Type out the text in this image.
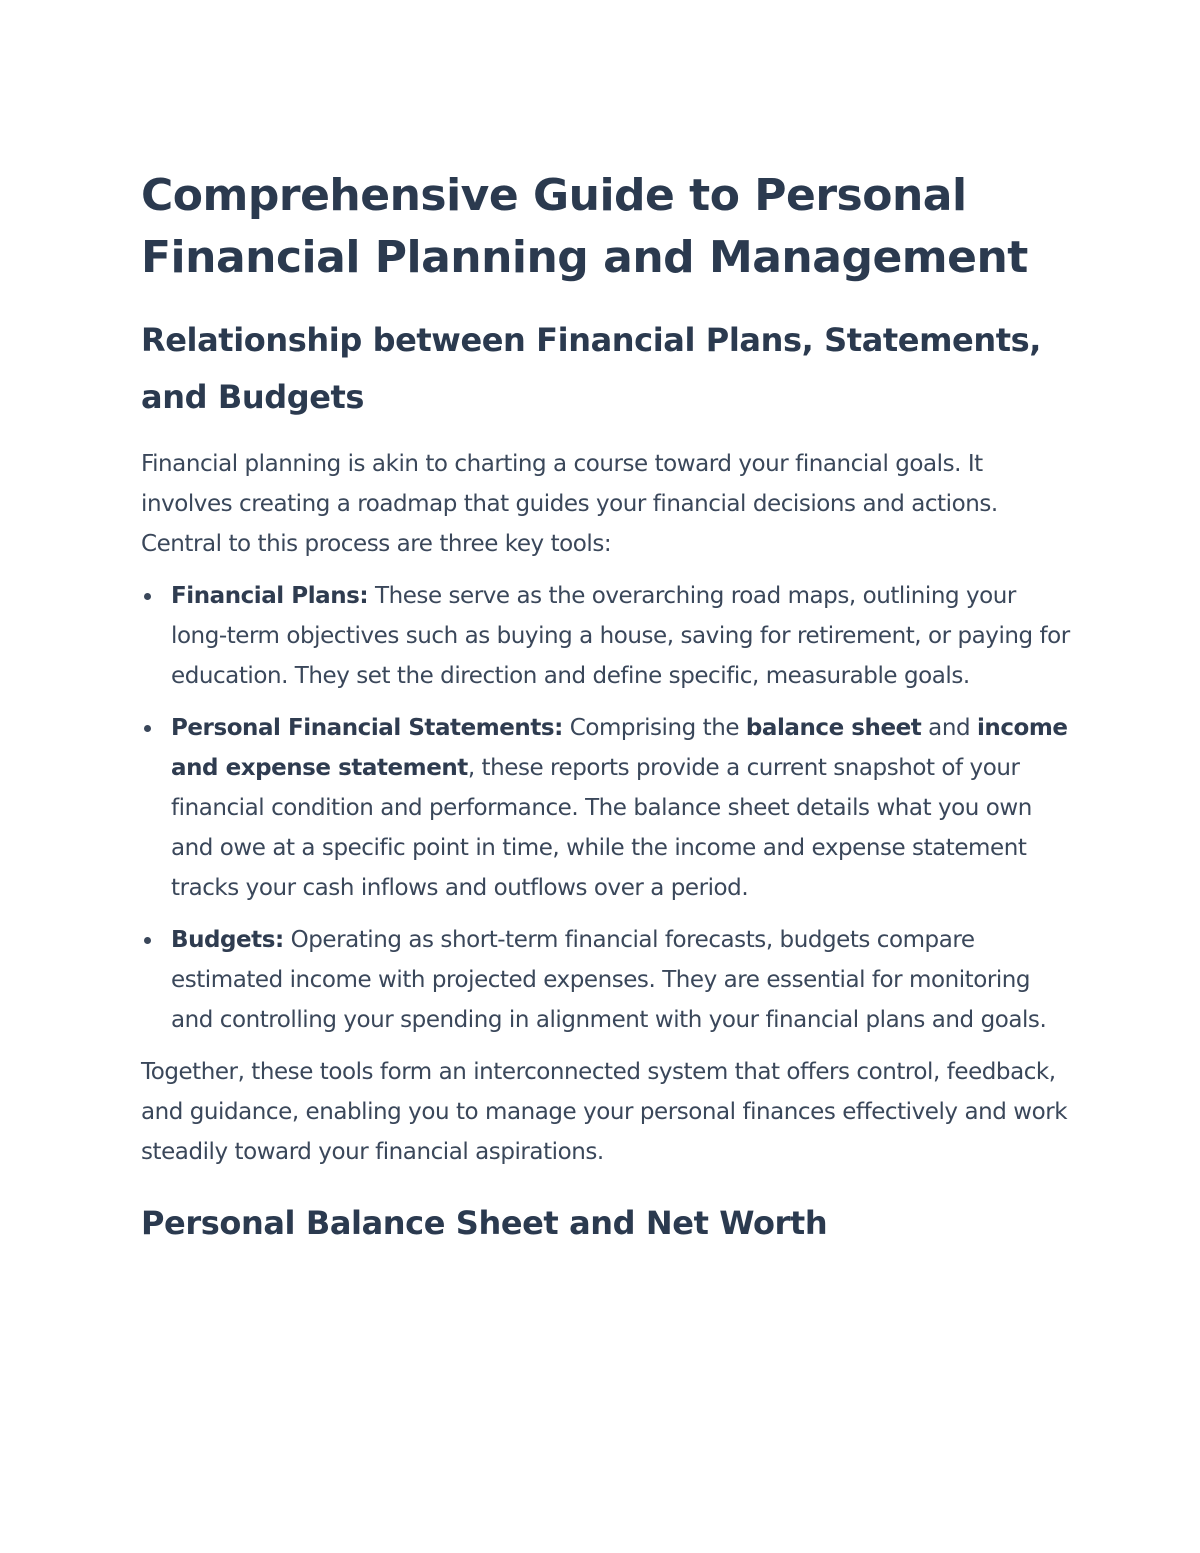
Comprehensive Guide to Personal Financial Planning and Management
Relationship between Financial Plans, Statements, and Budgets

Financial planning is akin to charting a course toward your financial goals. It involves creating a roadmap that guides your financial decisions and actions. Central to this process are three key tools:

Financial Plans: These serve as the overarching road maps, outlining your long-term objectives such as buying a house, saving for retirement, or paying for education. They set the direction and define specific, measurable goals.
Personal Financial Statements: Comprising the balance sheet and income and expense statement, these reports provide a current snapshot of your financial condition and performance. The balance sheet details what you own and owe at a specific point in time, while the income and expense statement tracks your cash inflows and outflows over a period.
Budgets: Operating as short-term financial forecasts, budgets compare estimated income with projected expenses. They are essential for monitoring and controlling your spending in alignment with your financial plans and goals.

Together, these tools form an interconnected system that offers control, feedback, and guidance, enabling you to manage your personal finances effectively and work steadily toward your financial aspirations.

Personal Balance Sheet and Net Worth
